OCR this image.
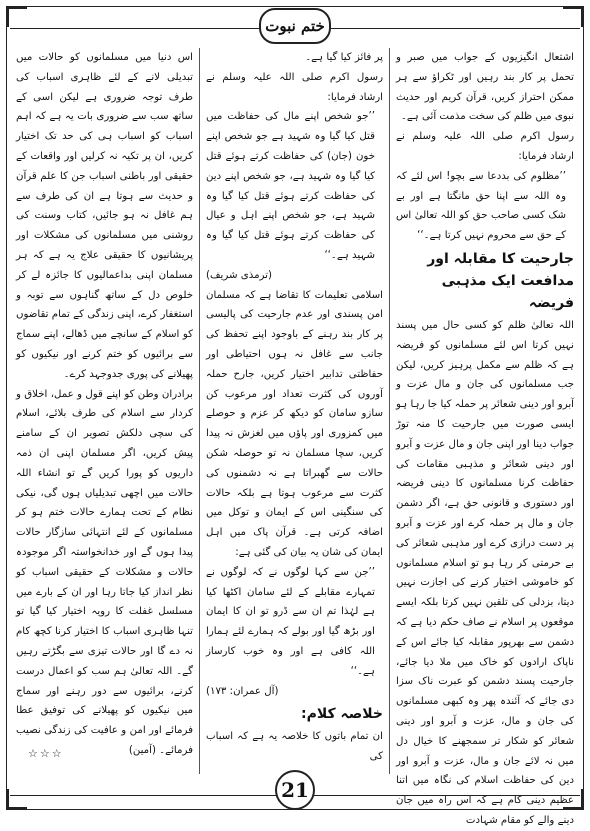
ختم نبوت

اشتعال انگیزیوں کے جواب میں صبر و تحمل پر کار بند رہیں اور ٹکراؤ سے ہر ممکن احتراز کریں، قرآن کریم اور حدیث نبوی میں ظلم کی سخت مذمت آئی ہے۔

رسول اکرم صلی اللہ علیہ وسلم نے ارشاد فرمایا:

’’مظلوم کی بددعا سے بچو! اس لئے کہ وہ اللہ سے اپنا حق مانگتا ہے اور بے شک کسی صاحب حق کو اللہ تعالیٰ اس کے حق سے محروم نہیں کرتا ہے۔‘‘

جارحیت کا مقابلہ اور مدافعت ایک مذہبی فریضہ

اللہ تعالیٰ ظلم کو کسی حال میں پسند نہیں کرتا اس لئے مسلمانوں کو فریضہ ہے کہ ظلم سے مکمل پرہیز کریں، لیکن جب مسلمانوں کی جان و مال عزت و آبرو اور دینی شعائر پر حملہ کیا جا رہا ہو ایسی صورت میں جارحیت کا منہ توڑ جواب دینا اور اپنی جان و مال عزت و آبرو اور دینی شعائر و مذہبی مقامات کی حفاظت کرنا مسلمانوں کا دینی فریضہ اور دستوری و قانونی حق ہے، اگر دشمن جان و مال پر حملہ کرے اور عزت و آبرو پر دست درازی کرے اور مذہبی شعائر کی بے حرمتی کر رہا ہو تو اسلام مسلمانوں کو خاموشی اختیار کرنے کی اجازت نہیں دیتا، بزدلی کی تلقین نہیں کرتا بلکہ ایسے موقعوں پر اسلام نے صاف حکم دیا ہے کہ دشمن سے بھرپور مقابلہ کیا جائے اس کے ناپاک ارادوں کو خاک میں ملا دیا جائے، جارحیت پسند دشمن کو عبرت ناک سزا دی جائے کہ آئندہ پھر وہ کبھی مسلمانوں کی جان و مال، عزت و آبرو اور دینی شعائر کو شکار تر سمجھنے کا خیال دل میں نہ لائے جان و مال، عزت و آبرو اور دین کی حفاظت اسلام کی نگاہ میں اتنا عظیم دینی کام ہے کہ اس راہ میں جان دینے والے کو مقام شہادت

پر فائز کیا گیا ہے۔

رسول اکرم صلی اللہ علیہ وسلم نے ارشاد فرمایا:

’’جو شخص اپنے مال کی حفاظت میں قتل کیا گیا وہ شہید ہے جو شخص اپنے خون (جان) کی حفاظت کرتے ہوئے قتل کیا گیا وہ شہید ہے، جو شخص اپنے دین کی حفاظت کرتے ہوئے قتل کیا گیا وہ شہید ہے، جو شخص اپنے اہل و عیال کی حفاظت کرتے ہوئے قتل کیا گیا وہ شہید ہے۔‘‘

(ترمذی شریف)

اسلامی تعلیمات کا تقاضا ہے کہ مسلمان امن پسندی اور عدم جارحیت کی پالیسی پر کار بند رہنے کے باوجود اپنے تحفظ کی جانب سے غافل نہ ہوں احتیاطی اور حفاظتی تدابیر اختیار کریں، جارح حملہ آوروں کی کثرت تعداد اور مرعوب کن سازو سامان کو دیکھ کر عزم و حوصلے میں کمزوری اور پاؤں میں لغزش نہ پیدا کریں، سچا مسلمان نہ تو حوصلہ شکن حالات سے گھبراتا ہے نہ دشمنوں کی کثرت سے مرعوب ہوتا ہے بلکہ حالات کی سنگینی اس کے ایمان و توکل میں اضافہ کرتی ہے۔ قرآن پاک میں اہل ایمان کی شان یہ بیان کی گئی ہے:

’’جن سے کہا لوگوں نے کہ لوگوں نے تمہارے مقابلے کے لئے سامان اکٹھا کیا ہے لہٰذا تم ان سے ڈرو تو ان کا ایمان اور بڑھ گیا اور بولے کہ ہمارے لئے ہمارا اللہ کافی ہے اور وہ خوب کارساز ہے۔‘‘

(آل عمران: ۱۷۳)

خلاصہ کلام:

ان تمام باتوں کا خلاصہ یہ ہے کہ اسباب کی

اس دنیا میں مسلمانوں کو حالات میں تبدیلی لانے کے لئے ظاہری اسباب کی طرف توجہ ضروری ہے لیکن اسی کے ساتھ سب سے ضروری بات یہ ہے کہ اہم اسباب کو اسباب ہی کی حد تک اختیار کریں، ان پر تکیہ نہ کرلیں اور واقعات کے حقیقی اور باطنی اسباب جن کا علم قرآن و حدیث سے ہوتا ہے ان کی طرف سے ہم غافل نہ ہو جائیں، کتاب وسنت کی روشنی میں مسلمانوں کی مشکلات اور پریشانیوں کا حقیقی علاج یہ ہے کہ ہر مسلمان اپنی بداعمالیوں کا جائزہ لے کر خلوص دل کے ساتھ گناہوں سے توبہ و استغفار کرے، اپنی زندگی کے تمام تقاضوں کو اسلام کے سانچے میں ڈھالے، اپنے سماج سے برائیوں کو ختم کرنے اور نیکیوں کو پھیلانے کی پوری جدوجہد کرے۔

برادران وطن کو اپنے قول و عمل، اخلاق و کردار سے اسلام کی طرف بلائے، اسلام کی سچی دلکش تصویر ان کے سامنے پیش کریں، اگر مسلمان اپنی ان ذمہ داریوں کو پورا کریں گے تو انشاء اللہ حالات میں اچھی تبدیلیاں ہوں گی، نیکی نظام کے تحت ہمارے حالات ختم ہو کر مسلمانوں کے لئے انتہائی سازگار حالات پیدا ہوں گے اور خدانخواستہ اگر موجودہ حالات و مشکلات کے حقیقی اسباب کو نظر انداز کیا جاتا رہا اور ان کے بارے میں مسلسل غفلت کا رویہ اختیار کیا گیا تو تنہا ظاہری اسباب کا اختیار کرنا کچھ کام نہ دے گا اور حالات تیزی سے بگڑتے رہیں گے۔ اللہ تعالیٰ ہم سب کو اعمال درست کرنے، برائیوں سے دور رہنے اور سماج میں نیکیوں کو پھیلانے کی توفیق عطا فرمائے اور امن و عافیت کی زندگی نصیب فرمائے۔ (آمین)

☆☆☆
21
